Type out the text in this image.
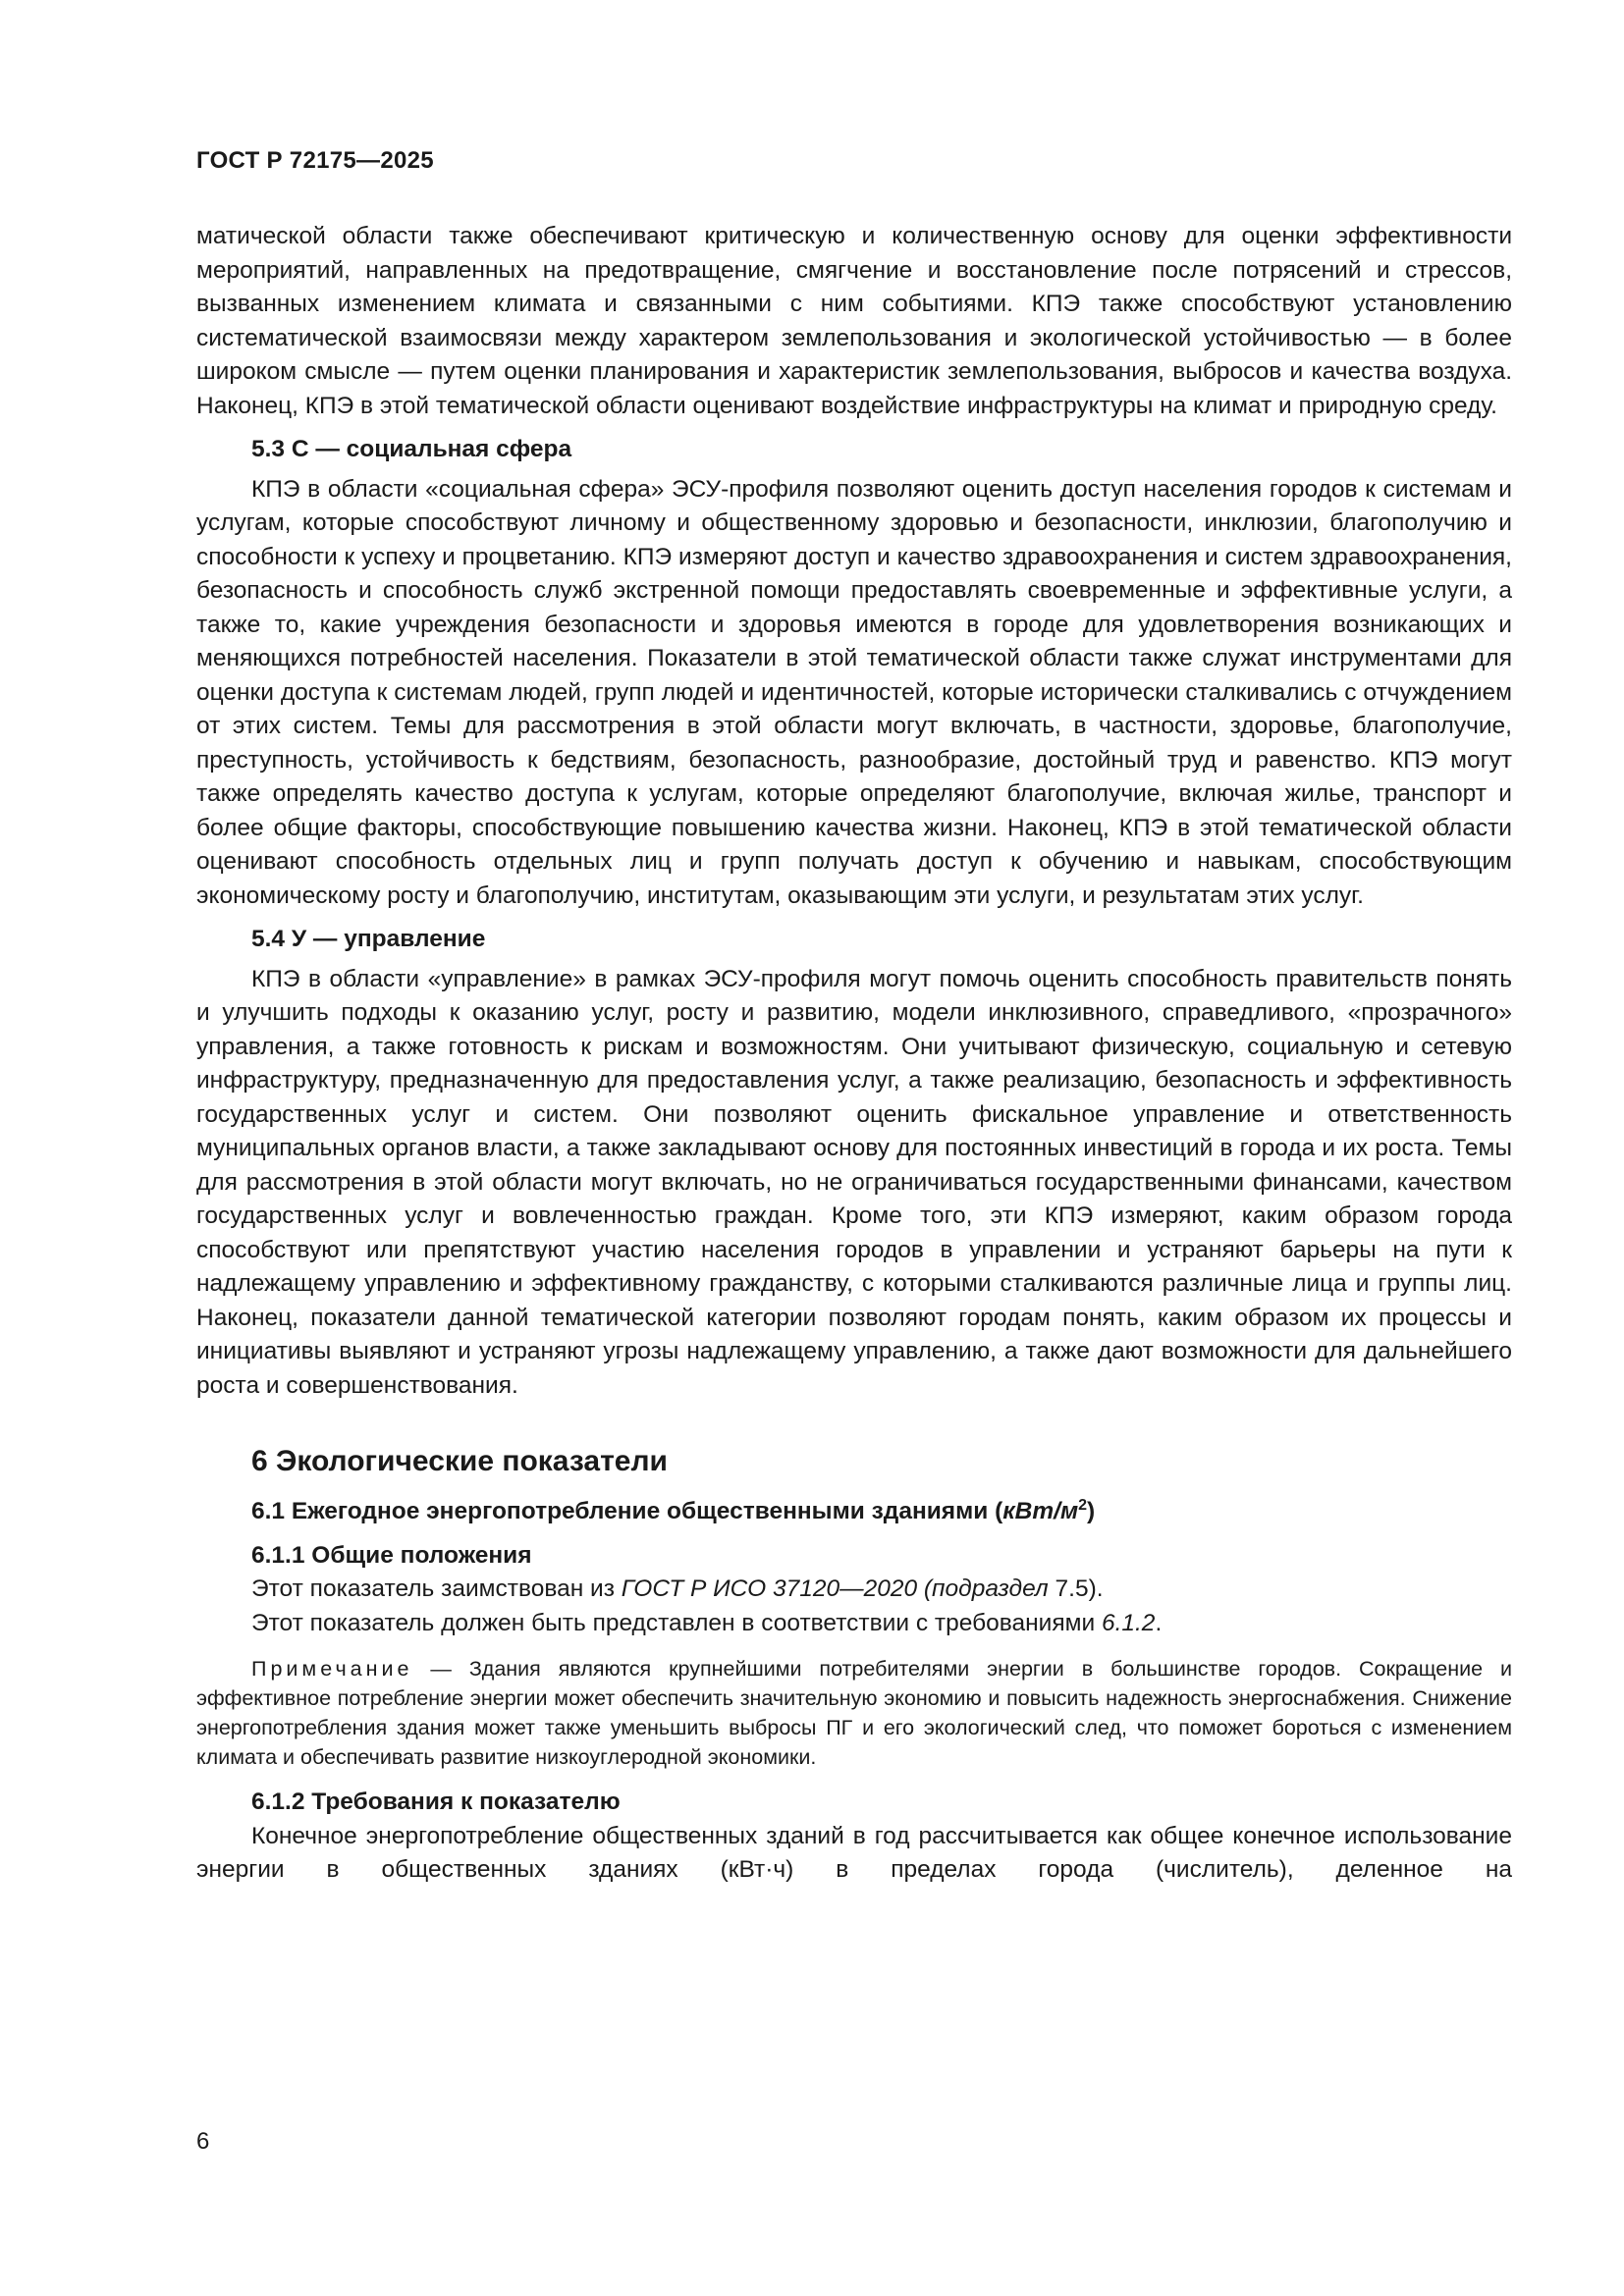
ГОСТ Р 72175—2025

матической области также обеспечивают критическую и количественную основу для оценки эффективности мероприятий, направленных на предотвращение, смягчение и восстановление после потрясений и стрессов, вызванных изменением климата и связанными с ним событиями. КПЭ также способствуют установлению систематической взаимосвязи между характером землепользования и экологической устойчивостью — в более широком смысле — путем оценки планирования и характеристик землепользования, выбросов и качества воздуха. Наконец, КПЭ в этой тематической области оценивают воздействие инфраструктуры на климат и природную среду.

5.3 С — социальная сфера

КПЭ в области «социальная сфера» ЭСУ-профиля позволяют оценить доступ населения городов к системам и услугам, которые способствуют личному и общественному здоровью и безопасности, инклюзии, благополучию и способности к успеху и процветанию. КПЭ измеряют доступ и качество здравоохранения и систем здравоохранения, безопасность и способность служб экстренной помощи предоставлять своевременные и эффективные услуги, а также то, какие учреждения безопасности и здоровья имеются в городе для удовлетворения возникающих и меняющихся потребностей населения. Показатели в этой тематической области также служат инструментами для оценки доступа к системам людей, групп людей и идентичностей, которые исторически сталкивались с отчуждением от этих систем. Темы для рассмотрения в этой области могут включать, в частности, здоровье, благополучие, преступность, устойчивость к бедствиям, безопасность, разнообразие, достойный труд и равенство. КПЭ могут также определять качество доступа к услугам, которые определяют благополучие, включая жилье, транспорт и более общие факторы, способствующие повышению качества жизни. Наконец, КПЭ в этой тематической области оценивают способность отдельных лиц и групп получать доступ к обучению и навыкам, способствующим экономическому росту и благополучию, институтам, оказывающим эти услуги, и результатам этих услуг.

5.4 У — управление

КПЭ в области «управление» в рамках ЭСУ-профиля могут помочь оценить способность правительств понять и улучшить подходы к оказанию услуг, росту и развитию, модели инклюзивного, справедливого, «прозрачного» управления, а также готовность к рискам и возможностям. Они учитывают физическую, социальную и сетевую инфраструктуру, предназначенную для предоставления услуг, а также реализацию, безопасность и эффективность государственных услуг и систем. Они позволяют оценить фискальное управление и ответственность муниципальных органов власти, а также закладывают основу для постоянных инвестиций в города и их роста. Темы для рассмотрения в этой области могут включать, но не ограничиваться государственными финансами, качеством государственных услуг и вовлеченностью граждан. Кроме того, эти КПЭ измеряют, каким образом города способствуют или препятствуют участию населения городов в управлении и устраняют барьеры на пути к надлежащему управлению и эффективному гражданству, с которыми сталкиваются различные лица и группы лиц. Наконец, показатели данной тематической категории позволяют городам понять, каким образом их процессы и инициативы выявляют и устраняют угрозы надлежащему управлению, а также дают возможности для дальнейшего роста и совершенствования.

6 Экологические показатели
6.1 Ежегодное энергопотребление общественными зданиями $(кВт/м^2)$
6.1.1 Общие положения

Этот показатель заимствован из ГОСТ Р ИСО 37120—2020 (подраздел 7.5).

Этот показатель должен быть представлен в соответствии с требованиями 6.1.2.

Примечание — Здания являются крупнейшими потребителями энергии в большинстве городов. Сокращение и эффективное потребление энергии может обеспечить значительную экономию и повысить надежность энергоснабжения. Снижение энергопотребления здания может также уменьшить выбросы ПГ и его экологический след, что поможет бороться с изменением климата и обеспечивать развитие низкоуглеродной экономики.

6.1.2 Требования к показателю

Конечное энергопотребление общественных зданий в год рассчитывается как общее конечное использование энергии в общественных зданиях (кВт·ч) в пределах города (числитель), деленное на

6
